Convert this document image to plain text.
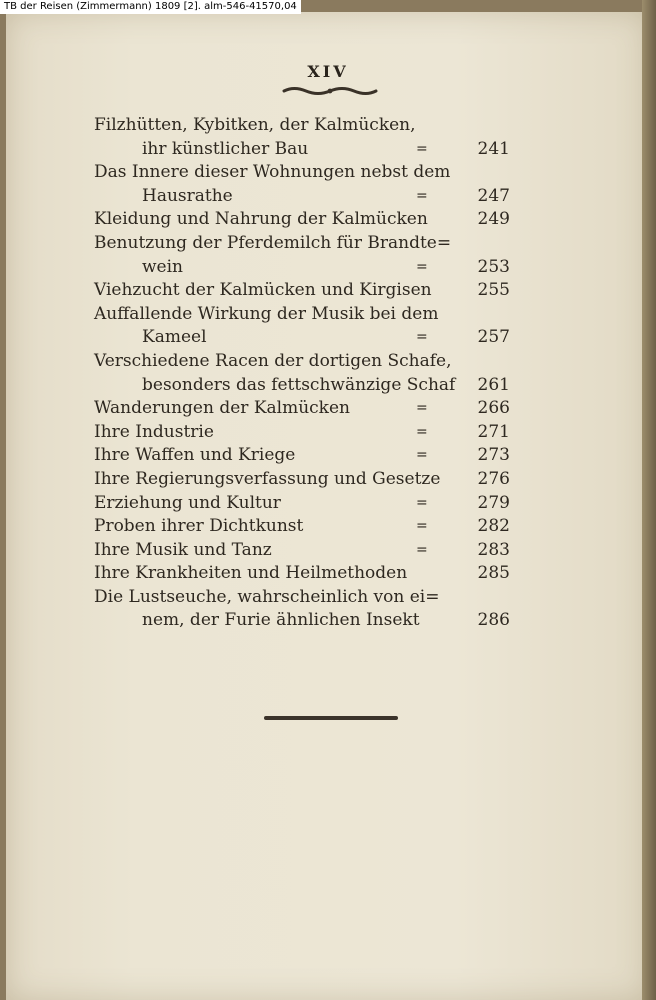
TB der Reisen (Zimmermann) 1809 [2]. alm-546-41570,04
XIV
Filzhütten, Kybitken, der Kalmücken,
ihr künstlicher Bau	=	241
Das Innere dieser Wohnungen nebst dem
Hausrathe	=	247
Kleidung und Nahrung der Kalmücken	249
Benutzung der Pferdemilch für Brandte=
wein	=	253
Viehzucht der Kalmücken und Kirgisen	255
Auffallende Wirkung der Musik bei dem
Kameel	=	257
Verschiedene Racen der dortigen Schafe,
besonders das fettschwänzige Schaf 261
Wanderungen der Kalmücken	=	266
Ihre Industrie	=	271
Ihre Waffen und Kriege	=	273
Ihre Regierungsverfassung und Gesetze 276
Erziehung und Kultur	=	279
Proben ihrer Dichtkunst	=	282
Ihre Musik und Tanz	=	283
Ihre Krankheiten und Heilmethoden	285
Die Lustseuche, wahrscheinlich von ei=
nem, der Furie ähnlichen Insekt	286
